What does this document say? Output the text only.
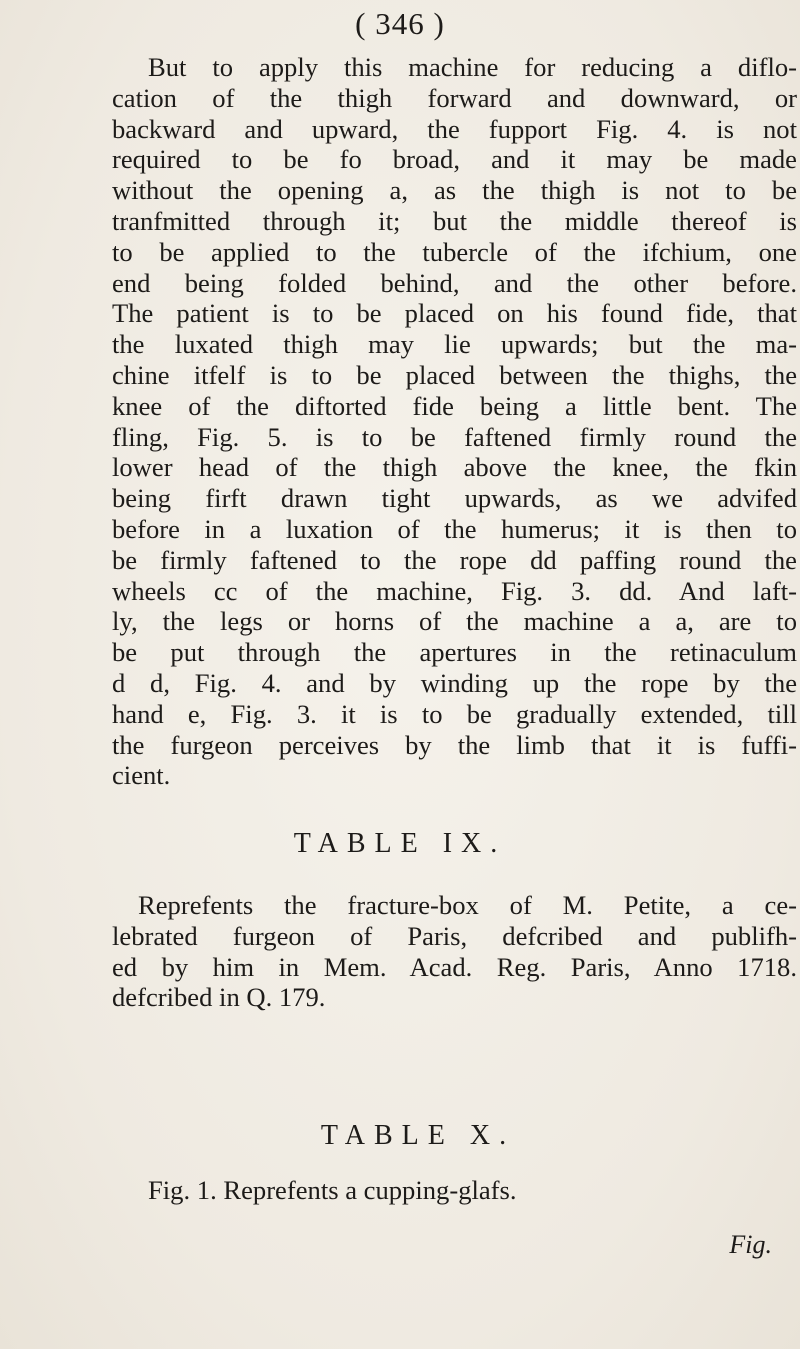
( 346 )

But to apply this machine for reducing a diflo-
cation of the thigh forward and downward, or
backward and upward, the fupport Fig. 4. is not
required to be fo broad, and it may be made
without the opening a, as the thigh is not to be
tranfmitted through it; but the middle thereof is
to be applied to the tubercle of the ifchium, one
end being folded behind, and the other before.
The patient is to be placed on his found fide, that
the luxated thigh may lie upwards; but the ma-
chine itfelf is to be placed between the thighs, the
knee of the diftorted fide being a little bent. The
fling, Fig. 5. is to be faftened firmly round the
lower head of the thigh above the knee, the fkin
being firft drawn tight upwards, as we advifed
before in a luxation of the humerus; it is then to
be firmly faftened to the rope dd paffing round the
wheels cc of the machine, Fig. 3. dd. And laft-
ly, the legs or horns of the machine a a, are to
be put through the apertures in the retinaculum
d d, Fig. 4. and by winding up the rope by the
hand e, Fig. 3. it is to be gradually extended, till
the furgeon perceives by the limb that it is fuffi-
cient.

TABLE IX.

Reprefents the fracture-box of M. Petite, a ce-
lebrated furgeon of Paris, defcribed and publifh-
ed by him in Mem. Acad. Reg. Paris, Anno 1718.
defcribed in Q. 179.

TABLE X.
Fig. 1. Reprefents a cupping-glafs.
Fig.
